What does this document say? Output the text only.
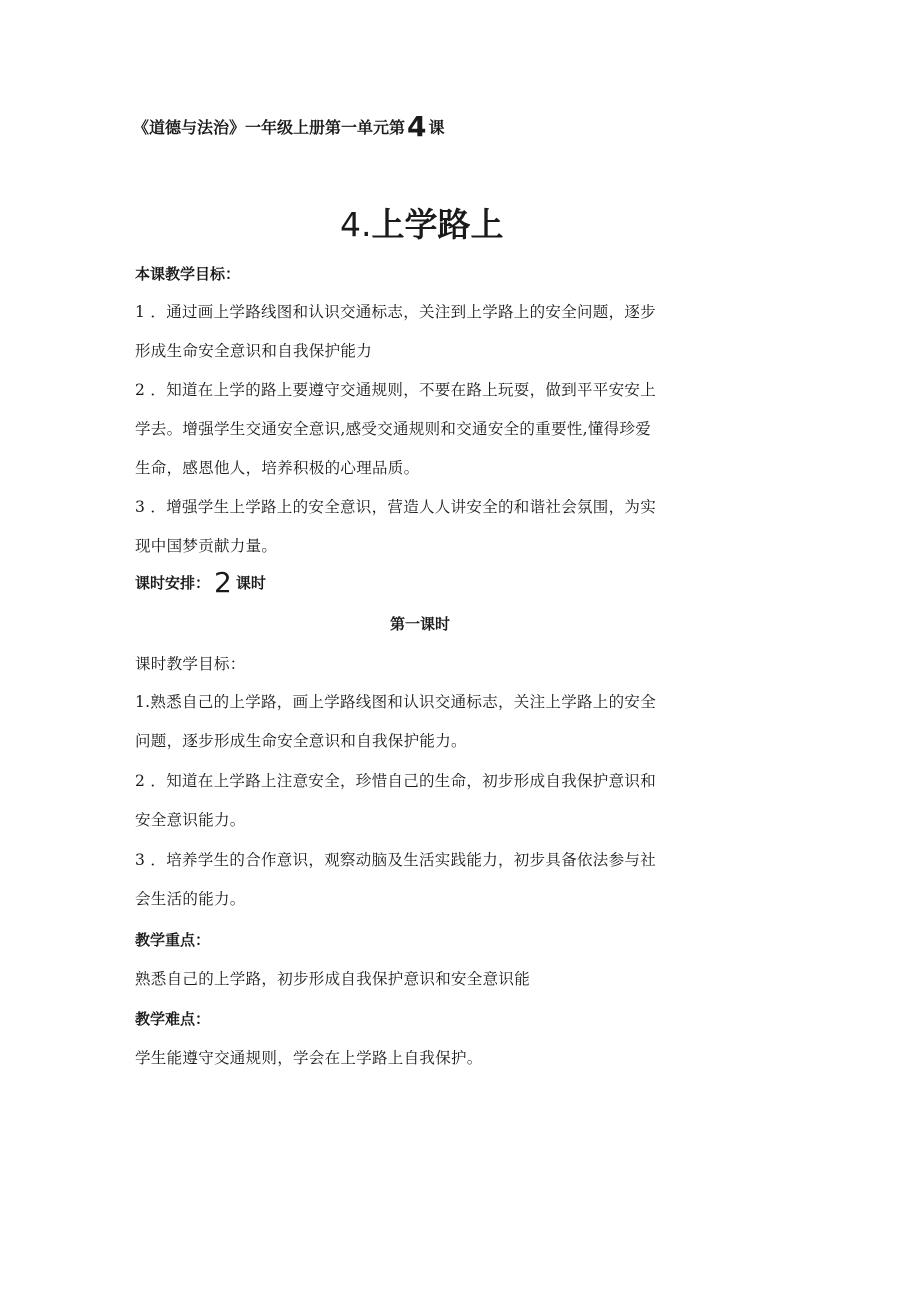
《道德与法治》一年级上册第一单元第4 课
4.上学路上
本课教学目标：
1 ．通过画上学路线图和认识交通标志，关注到上学路上的安全问题，逐步
形成生命安全意识和自我保护能力
2 ．知道在上学的路上要遵守交通规则，不要在路上玩耍，做到平平安安上
学去。增强学生交通安全意识,感受交通规则和交通安全的重要性,懂得珍爱
生命，感恩他人，培养积极的心理品质。
3 ．增强学生上学路上的安全意识，营造人人讲安全的和谐社会氛围，为实
现中国梦贡献力量。
课时安排： 2 课时
第一课时
课时教学目标：
1.熟悉自己的上学路，画上学路线图和认识交通标志，关注上学路上的安全
问题，逐步形成生命安全意识和自我保护能力。
2 ．知道在上学路上注意安全，珍惜自己的生命，初步形成自我保护意识和
安全意识能力。
3 ．培养学生的合作意识，观察动脑及生活实践能力，初步具备依法参与社
会生活的能力。
教学重点：
熟悉自己的上学路，初步形成自我保护意识和安全意识能
教学难点：
学生能遵守交通规则，学会在上学路上自我保护。
